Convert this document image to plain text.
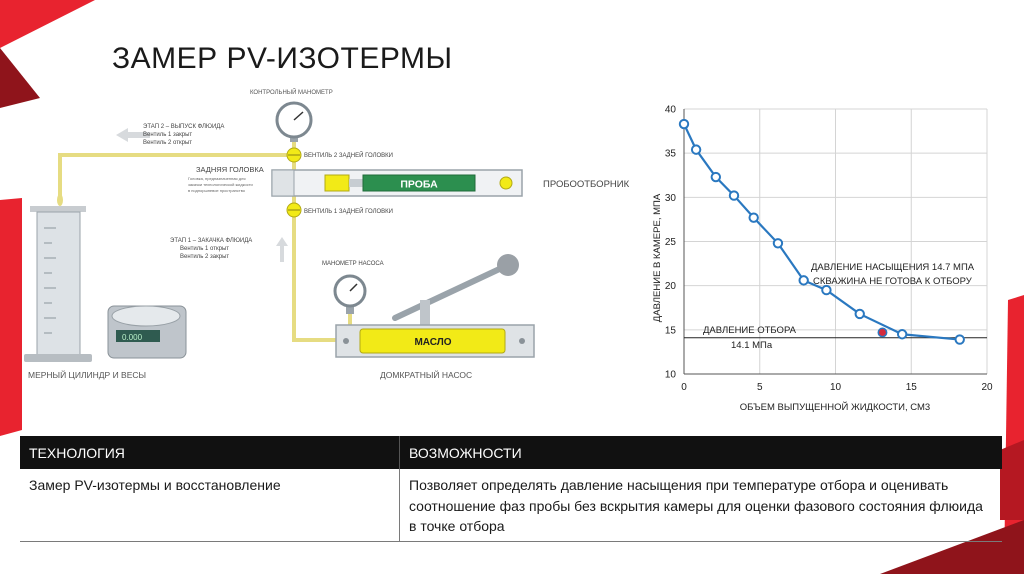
0.000
ПРОБА
МАСЛО
КОНТРОЛЬНЫЙ МАНОМЕТР
ЭТАП 2 – ВЫПУСК ФЛЮИДА
Вентиль 1 закрыт
Вентиль 2 открыт
ВЕНТИЛЬ 2 ЗАДНЕЙ ГОЛОВКИ
ЗАДНЯЯ ГОЛОВКА
Головка, предназначенная для
закачки технологической жидкости
в подпоршневое пространство
ПРОБООТБОРНИК
ВЕНТИЛЬ 1 ЗАДНЕЙ ГОЛОВКИ
ЭТАП 1 – ЗАКАЧКА ФЛЮИДА
Вентиль 1 открыт
Вентиль 2 закрыт
МАНОМЕТР НАСОСА
МЕРНЫЙ ЦИЛИНДР И ВЕСЫ	ДОМКРАТНЫЙ НАСОС	10
15
20
25
30
35
40
0	5	10	15	20
ДАВЛЕНИЕ В КАМЕРЕ, МПА
ОБЪЕМ ВЫПУЩЕННОЙ ЖИДКОСТИ, СМ3
ДАВЛЕНИЕ НАСЫЩЕНИЯ 14.7 МПА
СКВАЖИНА НЕ ГОТОВА К ОТБОРУ
ДАВЛЕНИЕ ОТБОРА
14.1 МПа
ЗАМЕР PV-ИЗОТЕРМЫ
ТЕХНОЛОГИЯ	ВОЗМОЖНОСТИ
Замер PV-изотермы и восстановление	Позволяет определять давление насыщения при температуре отбора и оценивать соотношение фаз пробы без вскрытия камеры для оценки фазового состояния флюида в точке отбора
